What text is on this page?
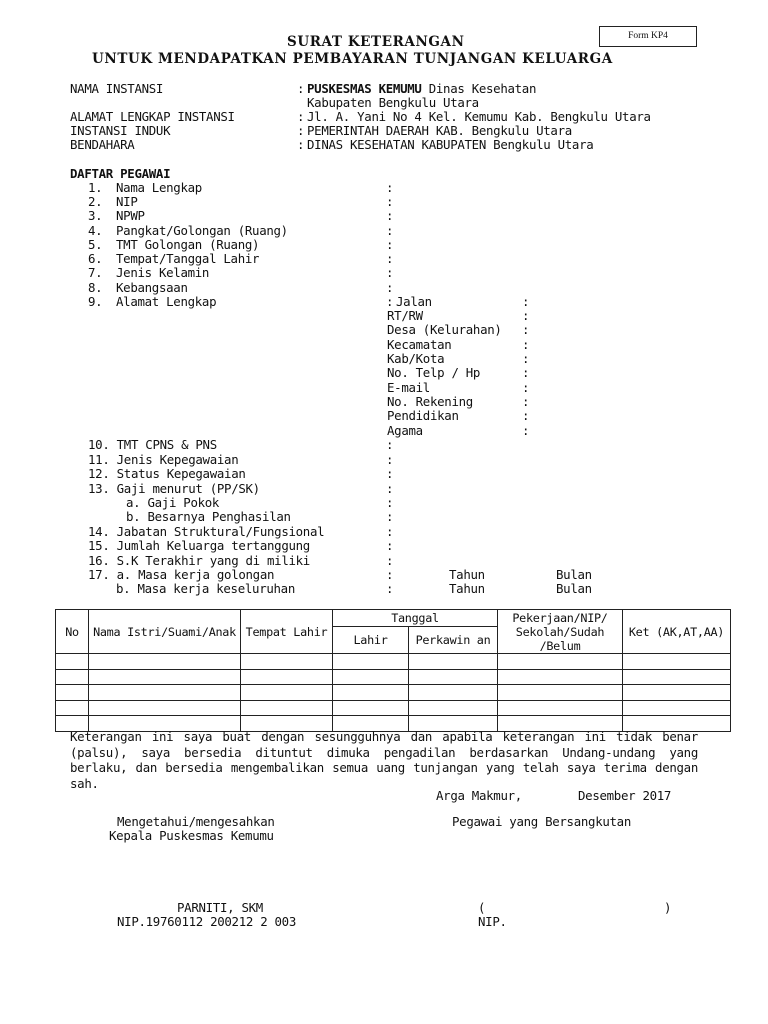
Form KP4
SURAT KETERANGAN
UNTUK MENDAPATKAN PEMBAYARAN TUNJANGAN KELUARGA
NAMA INSTANSI	: PUSKESMAS KEMUMU Dinas Kesehatan
Kabupaten Bengkulu Utara
ALAMAT LENGKAP INSTANSI	: Jl. A. Yani No 4 Kel. Kemumu Kab. Bengkulu Utara
INSTANSI INDUK	: PEMERINTAH DAERAH KAB. Bengkulu Utara
BENDAHARA	: DINAS KESEHATAN KABUPATEN Bengkulu Utara
DAFTAR PEGAWAI
1. Nama Lengkap	:
2. NIP	:
3. NPWP	:
4. Pangkat/Golongan (Ruang)	:
5. TMT Golongan (Ruang)	:
6. Tempat/Tanggal Lahir	:
7. Jenis Kelamin	:
8. Kebangsaan	:
9. Alamat Lengkap	: Jalan	:
RT/RW	:
Desa (Kelurahan) :
Kecamatan	:
Kab/Kota	:
No. Telp / Hp	:
E-mail	:
No. Rekening	:
Pendidikan	:
Agama	:
10. TMT CPNS & PNS	:
11. Jenis Kepegawaian	:
12. Status Kepegawaian	:
13. Gaji menurut (PP/SK)	:
a. Gaji Pokok	:
b. Besarnya Penghasilan	:
14. Jabatan Struktural/Fungsional	:
15. Jumlah Keluarga tertanggung	:
16. S.K Terakhir yang di miliki	:
17. a. Masa kerja golongan	:	Tahun	Bulan
b. Masa kerja keseluruhan	:	Tahun	Bulan
No	Nama Istri/Suami/Anak	Tempat Lahir	Tanggal		Pekerjaan/NIP/ Sekolah/Sudah /Belum	Ket (AK,AT,AA)
			Lahir	Perkawin an		

Keterangan ini saya buat dengan sesungguhnya dan apabila keterangan ini tidak benar (palsu), saya bersedia dituntut dimuka pengadilan berdasarkan Undang-undang yang berlaku, dan bersedia mengembalikan semua uang tunjangan yang telah saya terima dengan sah.
Arga Makmur,	Desember 2017
Mengetahui/mengesahkan
Kepala Puskesmas Kemumu
Pegawai yang Bersangkutan
PARNITI, SKM
NIP.19760112 200212 2 003
(	)
NIP.
